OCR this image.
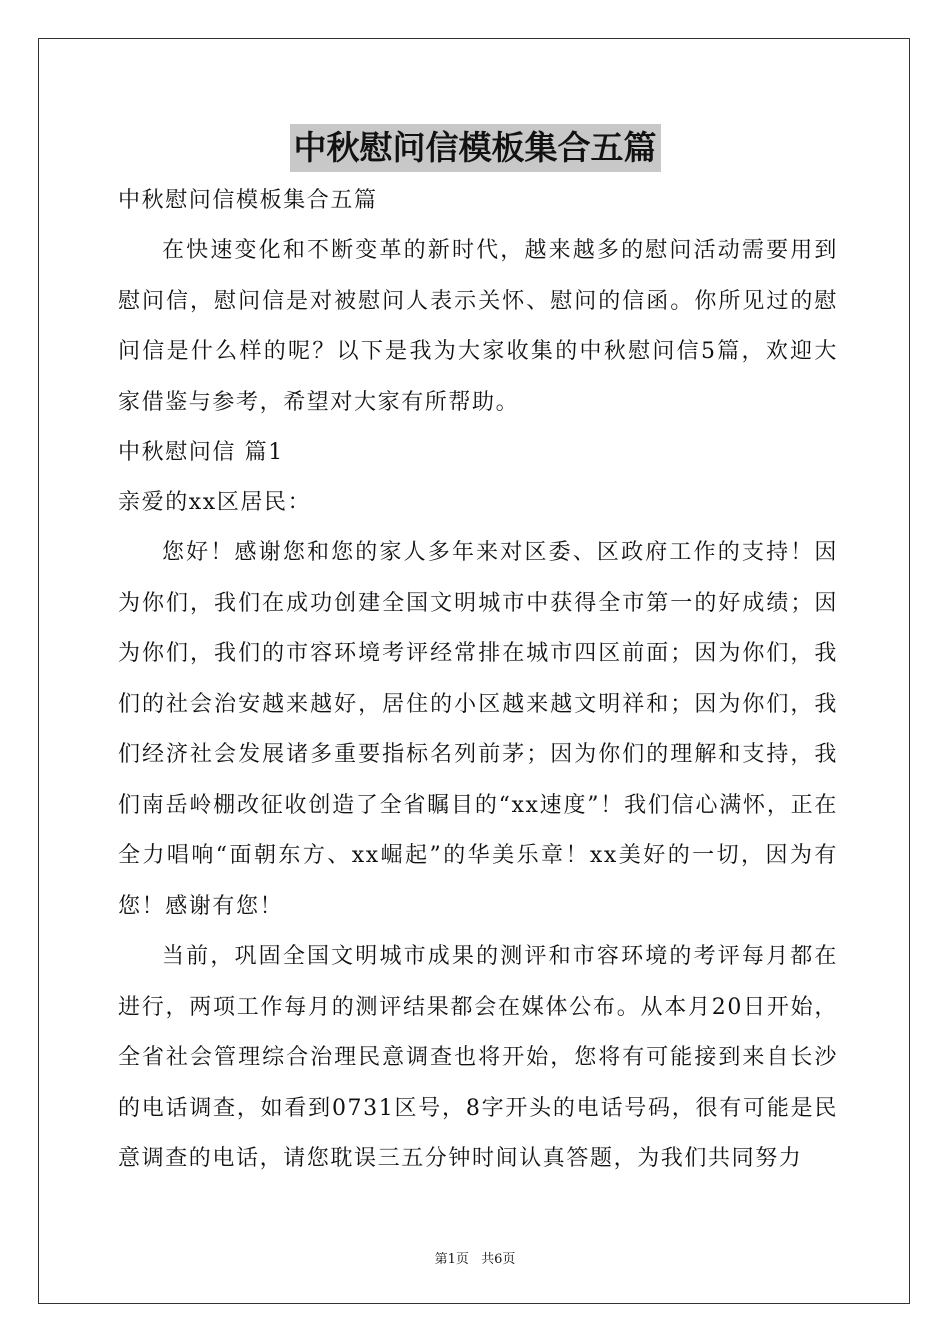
中秋慰问信模板集合五篇
中秋慰问信模板集合五篇

在快速变化和不断变革的新时代，越来越多的慰问活动需要用到慰问信，慰问信是对被慰问人表示关怀、慰问的信函。你所见过的慰问信是什么样的呢？以下是我为大家收集的中秋慰问信5篇，欢迎大家借鉴与参考，希望对大家有所帮助。

中秋慰问信 篇1
亲爱的xx区居民：

您好！感谢您和您的家人多年来对区委、区政府工作的支持！因为你们，我们在成功创建全国文明城市中获得全市第一的好成绩；因为你们，我们的市容环境考评经常排在城市四区前面；因为你们，我们的社会治安越来越好，居住的小区越来越文明祥和；因为你们，我们经济社会发展诸多重要指标名列前茅；因为你们的理解和支持，我们南岳岭棚改征收创造了全省瞩目的“xx速度”！我们信心满怀，正在全力唱响“面朝东方、xx崛起”的华美乐章！xx美好的一切，因为有您！感谢有您！

当前，巩固全国文明城市成果的测评和市容环境的考评每月都在进行，两项工作每月的测评结果都会在媒体公布。从本月20日开始，全省社会管理综合治理民意调查也将开始，您将有可能接到来自长沙的电话调查，如看到0731区号，8字开头的电话号码，很有可能是民意调查的电话，请您耽误三五分钟时间认真答题，为我们共同努力

第1页 共6页
